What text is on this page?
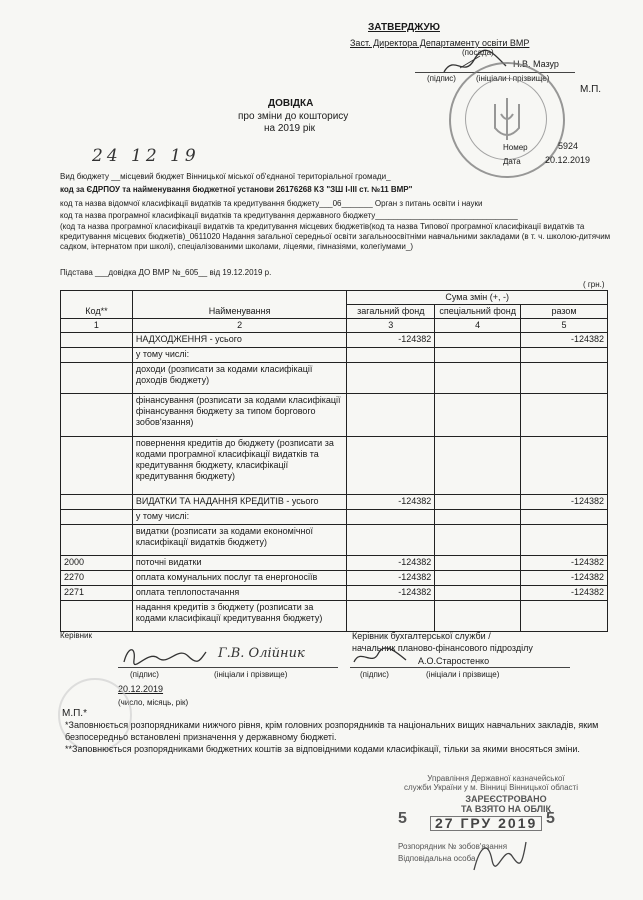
ЗАТВЕРДЖУЮ
Заст. Директора Департаменту освіти ВМР
(посада)
Н.В. Мазур
(підпис)	(ініціали і прізвище)
М.П.
Номер	5924
Дата	20.12.2019
​	ДОВІДКА
про зміни до кошторису
на 2019 рік
24 12 19
Вид бюджету __місцевий бюджет Вінницької міської об'єднаної територіальної громади_
код за ЄДРПОУ та найменування бюджетної установи 26176268 КЗ "ЗШ І-ІІІ ст. №11 ВМР"
код та назва відомчої класифікації видатків та кредитування бюджету___06_______ Орган з питань освіти і науки
код та назва програмної класифікації видатків та кредитування державного бюджету________________________________
(код та назва програмної класифікації видатків та кредитування місцевих бюджетів(код та назва Типової програмної класифікації видатків та кредитування місцевих бюджетів)_0611020 Надання загальної середньої освіти загальноосвітніми навчальними закладами (в т. ч. школою-дитячим садком, інтернатом при школі), спеціалізованими школами, ліцеями, гімназіями, колегіумами_)
Підстава ___довідка ДО ВМР №_605__ від 19.12.2019 р.
( грн.)
Код**	Найменування	Сума змін (+, -)		
		загальний фонд	спеціальний фонд	разом
1	2	3	4	5
	НАДХОДЖЕННЯ - усього	-124382		-124382
	у тому числі:			
	доходи (розписати за кодами класифікації доходів бюджету)			
	фінансування (розписати за кодами класифікації фінансування бюджету за типом боргового зобов'язання)			
	повернення кредитів до бюджету (розписати за кодами програмної класифікації видатків та кредитування бюджету, класифікації кредитування бюджету)			
	ВИДАТКИ ТА НАДАННЯ КРЕДИТІВ - усього	-124382		-124382
	у тому числі:			
	видатки (розписати за кодами економічної класифікації видатків бюджету)			
2000	поточні видатки	-124382		-124382
2270	оплата комунальних послуг та енергоносіїв	-124382		-124382
2271	оплата теплопостачання	-124382		-124382
	надання кредитів з бюджету (розписати за кодами класифікації кредитування бюджету)			
Керівник	Керівник бухгалтерської служби /
начальник планово-фінансового підрозділу
Г.В. Олійник	А.О.Старостенко
(підпис)	(ініціали і прізвище)	(підпис)	(ініціали і прізвище)
20.12.2019
(число, місяць, рік)
М.П.*
*Заповнюється розпорядниками нижчого рівня, крім головних розпорядників та національних вищих навчальних закладів, яким безпосередньо встановлені призначення у державному бюджеті.
**Заповнюється розпорядниками бюджетних коштів за відповідними кодами класифікації, тільки за якими вносяться зміни.
Управління Державної казначейської
служби України у м. Вінниці Вінницької області
ЗАРЕЄСТРОВАНО
ТА ВЗЯТО НА ОБЛІК
5	27 ГРУ 2019 5
Розпорядник № зобов'язання
Відповідальна особа
